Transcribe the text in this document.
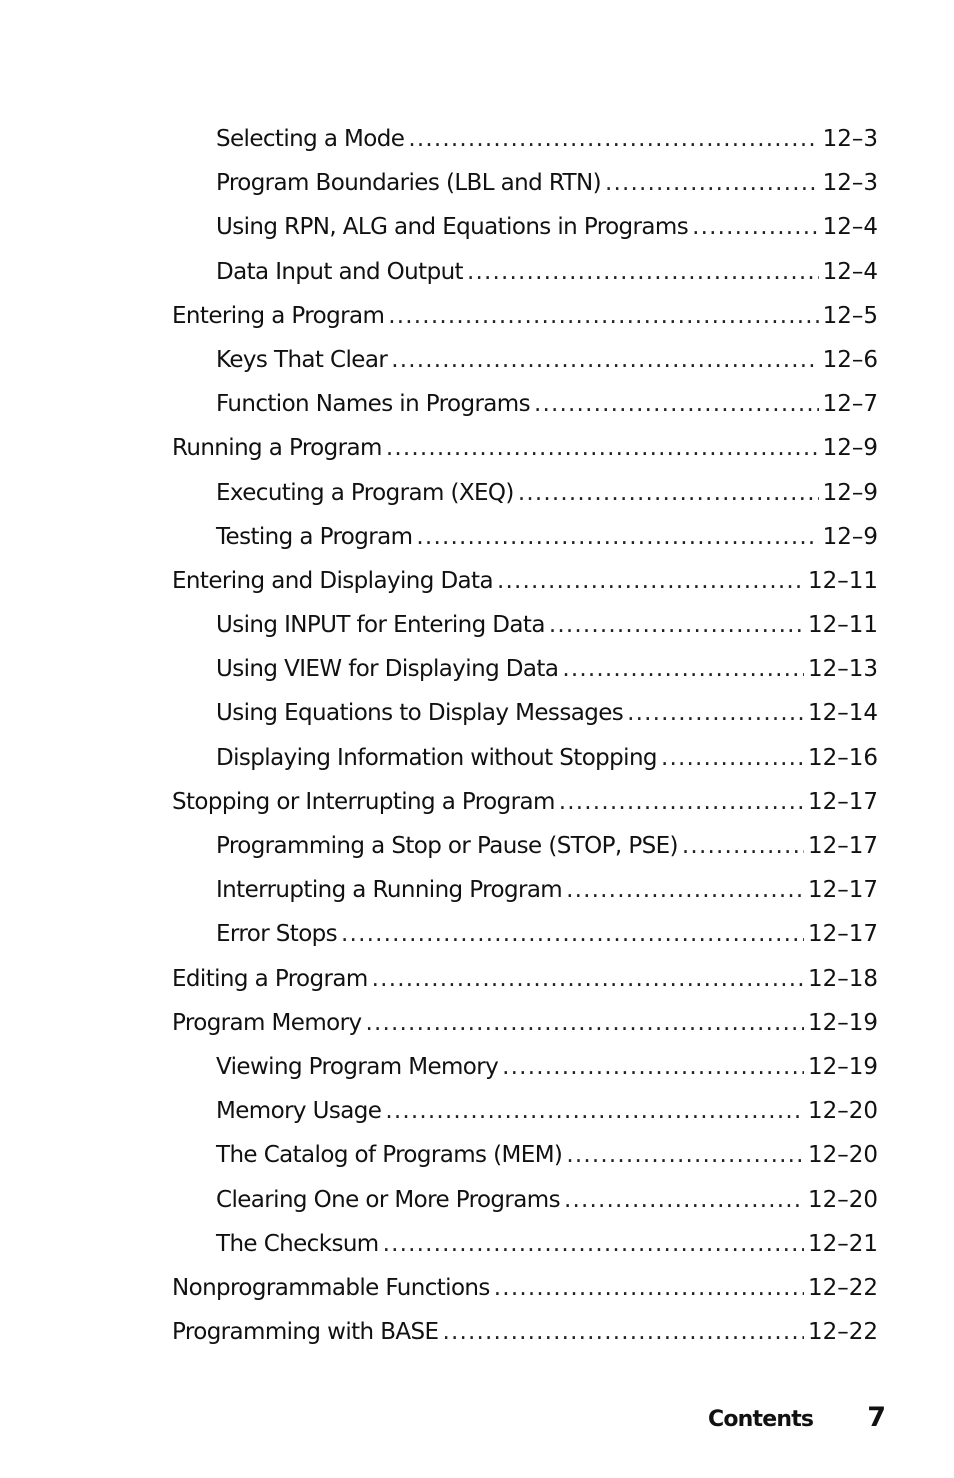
Selecting a Mode .....	12–3
Program Boundaries (LBL and RTN) .....	12–3
Using RPN, ALG and Equations in Programs .....	12–4
Data Input and Output .....	12–4
Entering a Program .....	12–5
Keys That Clear .....	12–6
Function Names in Programs .....	12–7
Running a Program .....	12–9
Executing a Program (XEQ) .....	12–9
Testing a Program .....	12–9
Entering and Displaying Data .....	12–11
Using INPUT for Entering Data .....	12–11
Using VIEW for Displaying Data .....	12–13
Using Equations to Display Messages .....	12–14
Displaying Information without Stopping .....	12–16
Stopping or Interrupting a Program .....	12–17
Programming a Stop or Pause (STOP, PSE) .....	12–17
Interrupting a Running Program .....	12–17
Error Stops .....	12–17
Editing a Program .....	12–18
Program Memory .....	12–19
Viewing Program Memory .....	12–19
Memory Usage .....	12–20
The Catalog of Programs (MEM) .....	12–20
Clearing One or More Programs .....	12–20
The Checksum .....	12–21
Nonprogrammable Functions .....	12–22
Programming with BASE .....	12–22
Contents 7
